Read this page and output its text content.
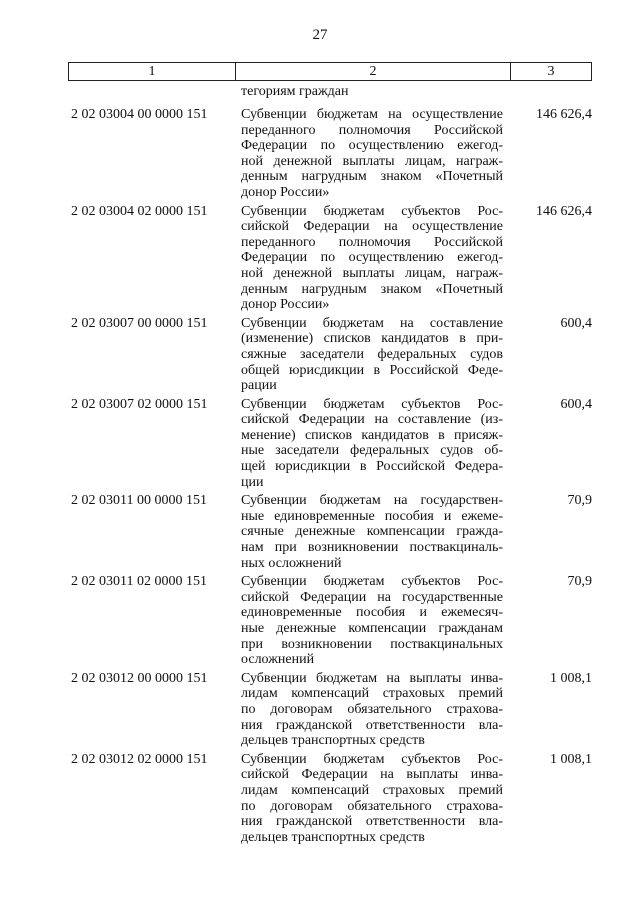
27
1	2	3
тегориям граждан
2 02 03004 00 0000 151	Субвенции бюджетам на осуществление
переданного полномочия Российской
Федерации по осуществлению ежегод-
ной денежной выплаты лицам, награж-
денным нагрудным знаком «Почетный
донор России»
146 626,4
2 02 03004 02 0000 151	Субвенции бюджетам субъектов Рос-
сийской Федерации на осуществление
переданного полномочия Российской
Федерации по осуществлению ежегод-
ной денежной выплаты лицам, награж-
денным нагрудным знаком «Почетный
донор России»
146 626,4
2 02 03007 00 0000 151	Субвенции бюджетам на составление
(изменение) списков кандидатов в при-
сяжные заседатели федеральных судов
общей юрисдикции в Российской Феде-
рации
600,4
2 02 03007 02 0000 151	Субвенции бюджетам субъектов Рос-
сийской Федерации на составление (из-
менение) списков кандидатов в присяж-
ные заседатели федеральных судов об-
щей юрисдикции в Российской Федера-
ции
600,4
2 02 03011 00 0000 151	Субвенции бюджетам на государствен-
ные единовременные пособия и ежеме-
сячные денежные компенсации гражда-
нам при возникновении поствакциналь-
ных осложнений
70,9
2 02 03011 02 0000 151	Субвенции бюджетам субъектов Рос-
сийской Федерации на государственные
единовременные пособия и ежемесяч-
ные денежные компенсации гражданам
при возникновении поствакцинальных
осложнений
70,9
2 02 03012 00 0000 151	Субвенции бюджетам на выплаты инва-
лидам компенсаций страховых премий
по договорам обязательного страхова-
ния гражданской ответственности вла-
дельцев транспортных средств
1 008,1
2 02 03012 02 0000 151	Субвенции бюджетам субъектов Рос-
сийской Федерации на выплаты инва-
лидам компенсаций страховых премий
по договорам обязательного страхова-
ния гражданской ответственности вла-
дельцев транспортных средств
1 008,1
